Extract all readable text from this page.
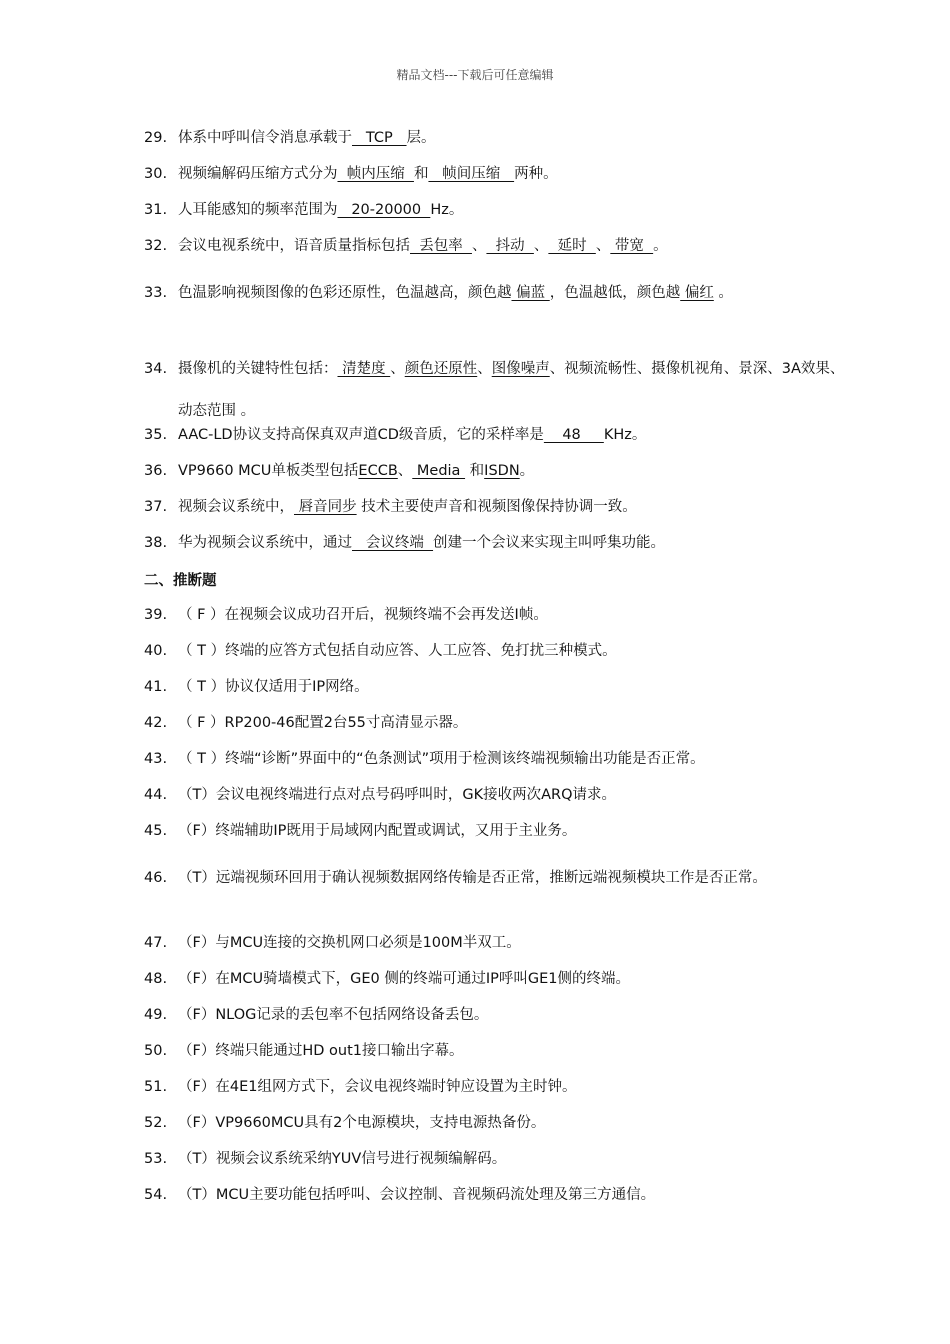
精品文档---下载后可任意编辑
29. 体系中呼叫信令消息承载于   TCP   层。
30. 视频编解码压缩方式分为  帧内压缩  和   帧间压缩   两种。
31. 人耳能感知的频率范围为   20-20000  Hz。
32. 会议电视系统中，语音质量指标包括  丢包率  、  抖动  、  延时  、 带宽  。
33. 色温影响视频图像的色彩还原性，色温越高，颜色越 偏蓝 ，色温越低，颜色越 偏红 。
34. 摄像机的关键特性包括： 清楚度 、颜色还原性、图像噪声、视频流畅性、摄像机视角、景深、3A效果、动态范围 。
35. AAC-LD协议支持高保真双声道CD级音质，它的采样率是    48     KHz。
36. VP9660 MCU单板类型包括ECCB、 Media  和ISDN。
37. 视频会议系统中， 唇音同步 技术主要使声音和视频图像保持协调一致。
38. 华为视频会议系统中，通过   会议终端  创建一个会议来实现主叫呼集功能。
二、推断题
39. （ F ）在视频会议成功召开后，视频终端不会再发送I帧。
40. （ T ）终端的应答方式包括自动应答、人工应答、免打扰三种模式。
41. （ T ）协议仅适用于IP网络。
42. （ F ）RP200-46配置2台55寸高清显示器。
43. （ T ）终端“诊断”界面中的“色条测试”项用于检测该终端视频输出功能是否正常。
44. （T）会议电视终端进行点对点号码呼叫时，GK接收两次ARQ请求。
45. （F）终端辅助IP既用于局域网内配置或调试，又用于主业务。
46. （T）远端视频环回用于确认视频数据网络传输是否正常，推断远端视频模块工作是否正常。
47. （F）与MCU连接的交换机网口必须是100M半双工。
48. （F）在MCU骑墙模式下，GE0 侧的终端可通过IP呼叫GE1侧的终端。
49. （F）NLOG记录的丢包率不包括网络设备丢包。
50. （F）终端只能通过HD out1接口输出字幕。
51. （F）在4E1组网方式下，会议电视终端时钟应设置为主时钟。
52. （F）VP9660MCU具有2个电源模块，支持电源热备份。
53. （T）视频会议系统采纳YUV信号进行视频编解码。
54. （T）MCU主要功能包括呼叫、会议控制、音视频码流处理及第三方通信。
